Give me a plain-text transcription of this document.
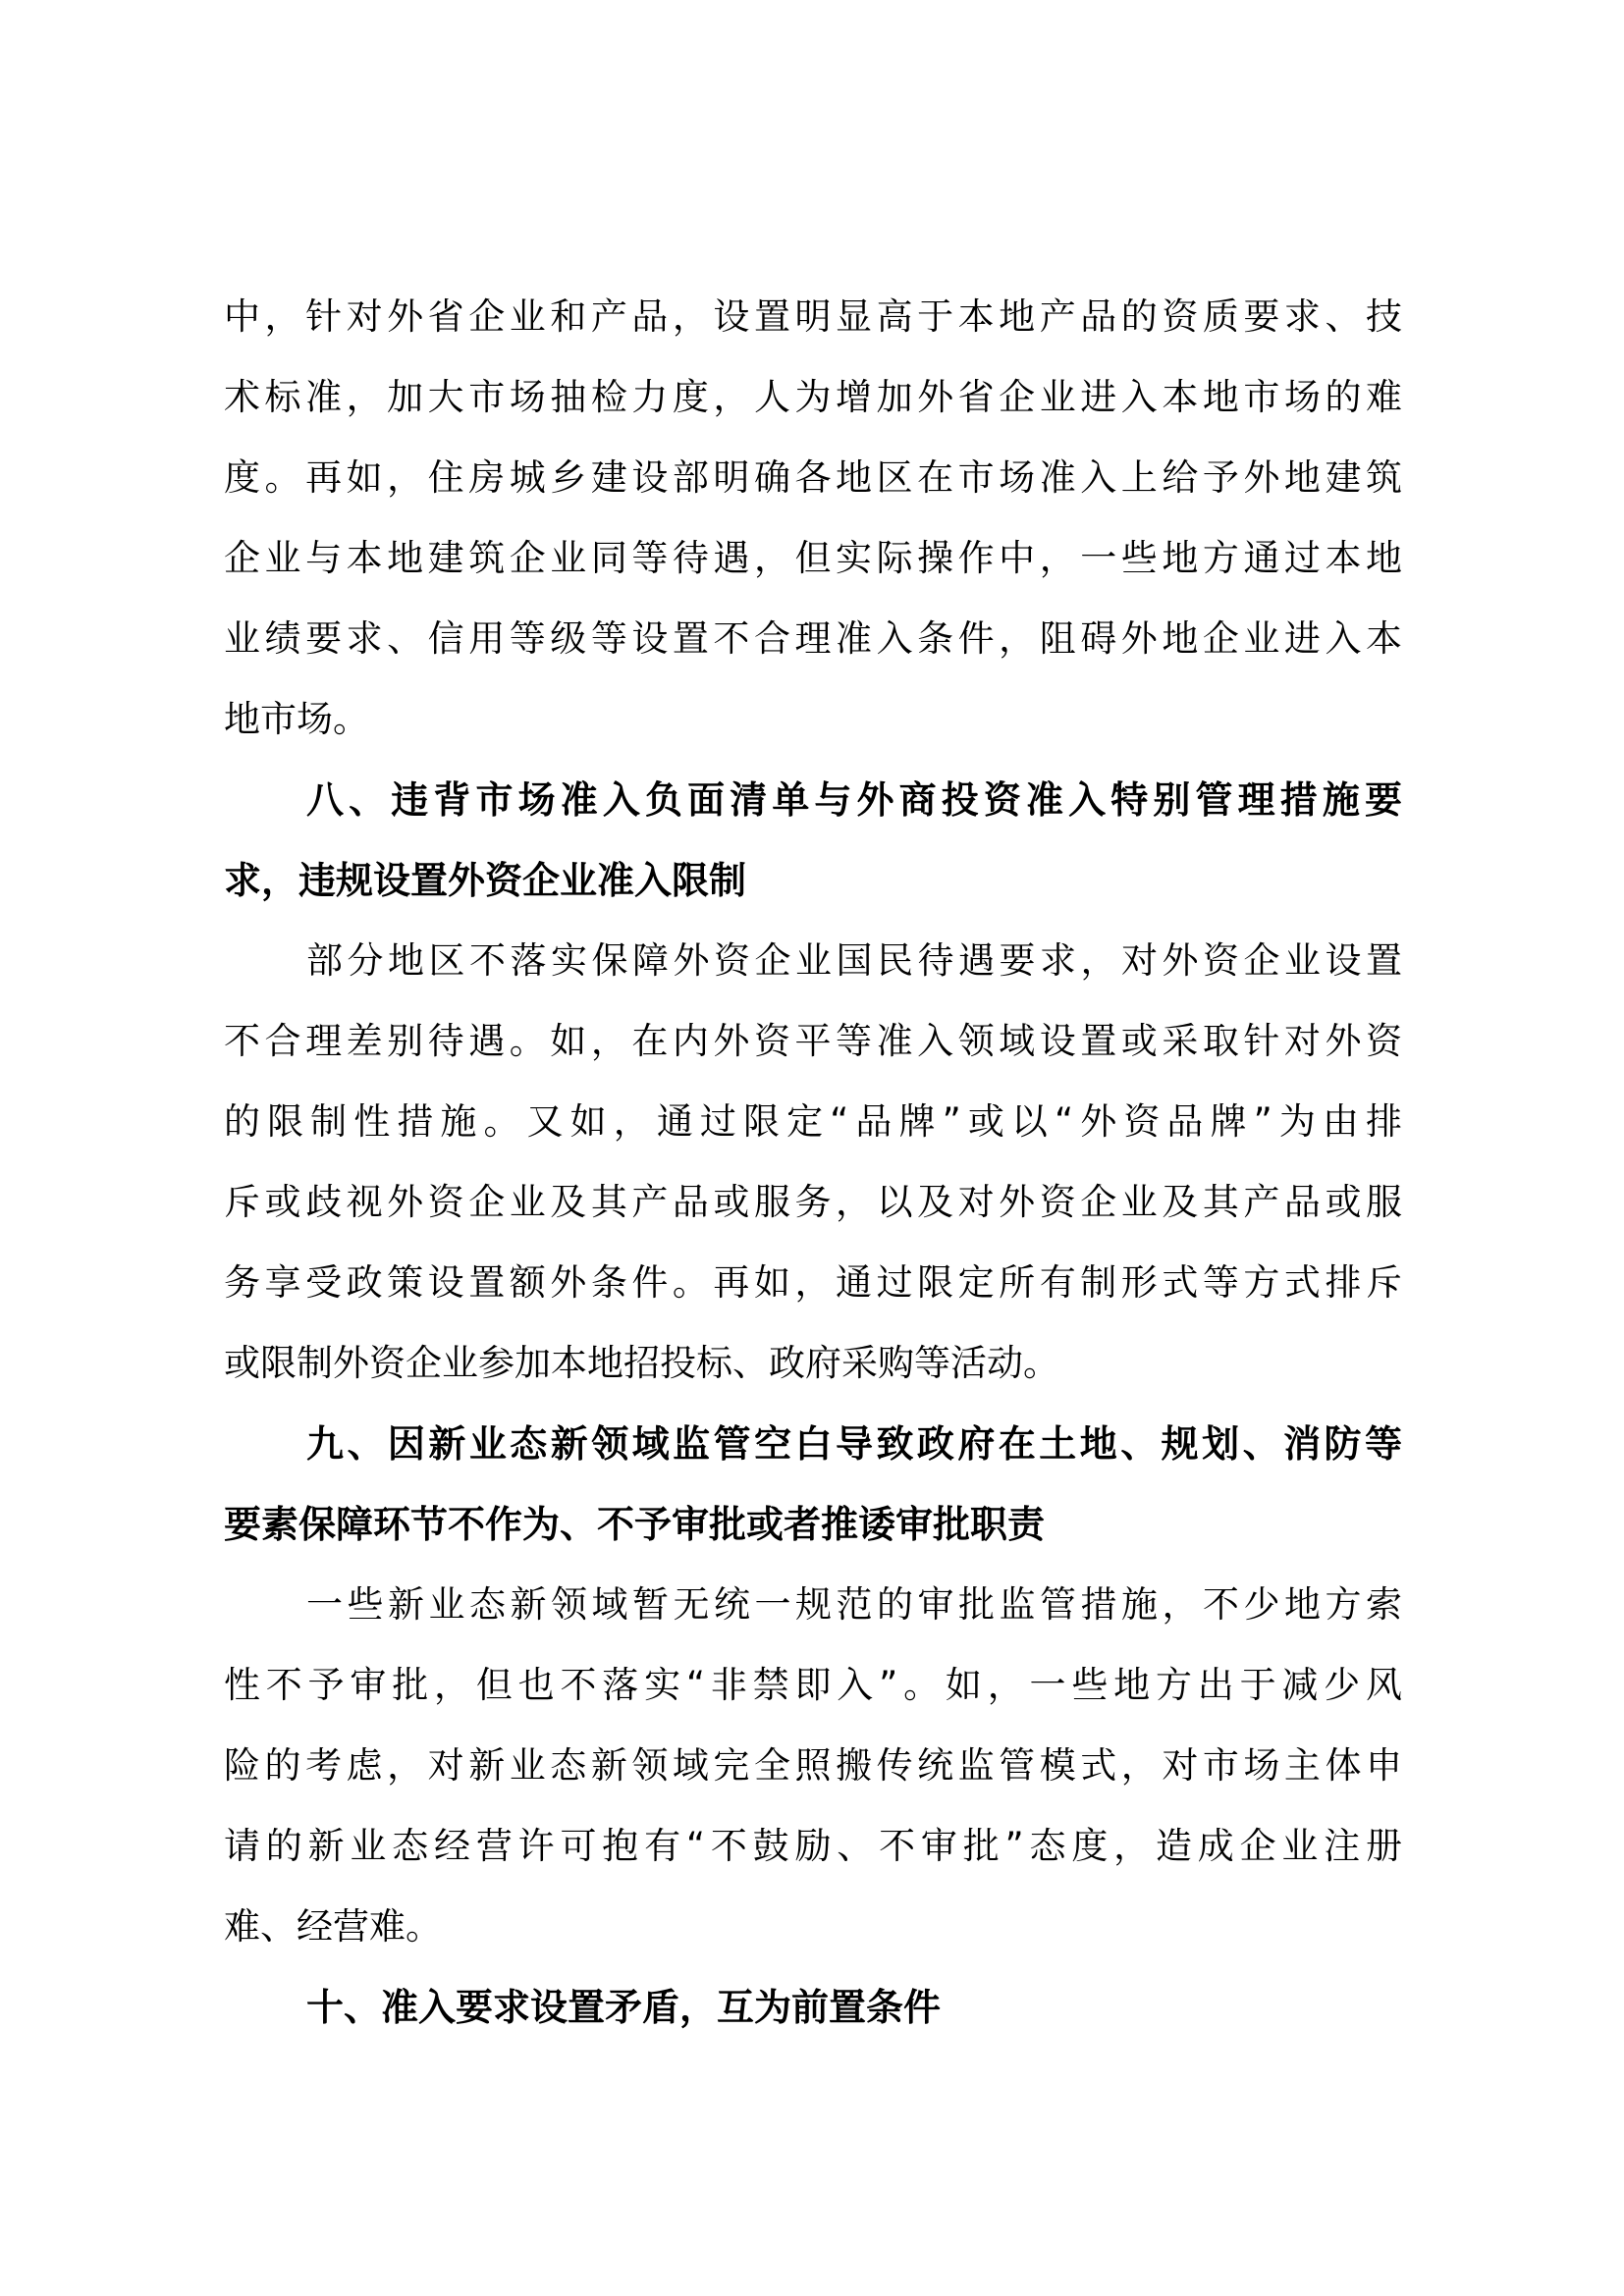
中，针对外省企业和产品，设置明显高于本地产品的资质要求、技
术标准，加大市场抽检力度，人为增加外省企业进入本地市场的难
度。再如，住房城乡建设部明确各地区在市场准入上给予外地建筑
企业与本地建筑企业同等待遇，但实际操作中，一些地方通过本地
业绩要求、信用等级等设置不合理准入条件，阻碍外地企业进入本
地市场。
八、违背市场准入负面清单与外商投资准入特别管理措施要
求，违规设置外资企业准入限制
部分地区不落实保障外资企业国民待遇要求，对外资企业设置
不合理差别待遇。如，在内外资平等准入领域设置或采取针对外资
的限制性措施。又如，通过限定“品牌”或以“外资品牌”为由排
斥或歧视外资企业及其产品或服务，以及对外资企业及其产品或服
务享受政策设置额外条件。再如，通过限定所有制形式等方式排斥
或限制外资企业参加本地招投标、政府采购等活动。
九、因新业态新领域监管空白导致政府在土地、规划、消防等
要素保障环节不作为、不予审批或者推诿审批职责
一些新业态新领域暂无统一规范的审批监管措施，不少地方索
性不予审批，但也不落实“非禁即入”。如，一些地方出于减少风
险的考虑，对新业态新领域完全照搬传统监管模式，对市场主体申
请的新业态经营许可抱有“不鼓励、不审批”态度，造成企业注册
难、经营难。
十、准入要求设置矛盾，互为前置条件
